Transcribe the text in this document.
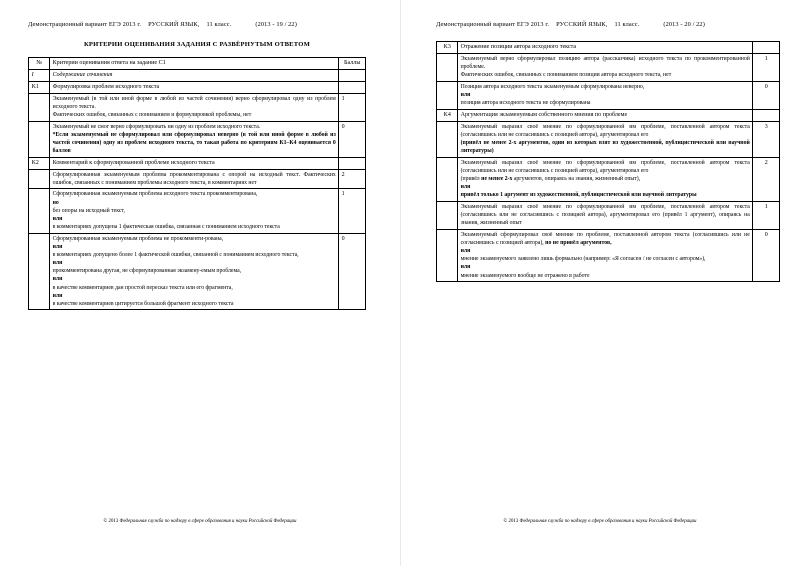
Демонстрационный вариант ЕГЭ 2013 г. РУССКИЙ ЯЗЫК, 11 класс.	(2013 - 19 / 22)
КРИТЕРИИ ОЦЕНИВАНИЯ ЗАДАНИЯ С РАЗВЁРНУТЫМ ОТВЕТОМ
№	Критерии оценивания ответа на задание С1	Баллы
I	Содержание сочинения	
K1	Формулировка проблем исходного текста	

	Экзаменуемый (в той или иной форме в любой из частей сочинения) верно сформулировал одну из проблем исходного текста.
Фактических ошибок, связанных с пониманием и формулировкой проблемы, нет	1

	Экзаменуемый не смог верно сформулировать ни одну из проблем исходного текста.
*Если экзаменуемый не сформулировал или сформулировал неверно (в той или иной форме в любой из частей сочинения) одну из проблем исходного текста, то такая работа по критериям К1–К4 оценивается 0 баллов	0
K2	Комментарий к сформулированной проблеме исходного текста	

	Сформулированная экзаменуемым проблема прокомментирована с опорой на исходный текст. Фактических ошибок, связанных с пониманием проблемы исходного текста, в комментариях нет	2

	Сформулированная экзаменуемым проблема исходного текста прокомментирована,
но
без опоры на исходный текст,
или
в комментариях допущена 1 фактическая ошибка, связанная с пониманием исходного текста	1

Сформулированная экзаменуемым проблема не прокомменти-рована,
или
в комментариях допущено более 1 фактической ошибки, связанной с пониманием исходного текста,
или
прокомментирована другая, не сформулированная экзамену-емым проблема,
или
в качестве комментариев дан простой пересказ текста или его фрагмента,
или
в качестве комментариев цитируется большой фрагмент исходного текста
	0
© 2013 Федеральная служба по надзору в сфере образования и науки Российской Федерации
Демонстрационный вариант ЕГЭ 2013 г. РУССКИЙ ЯЗЫК, 11 класс.	(2013 - 20 / 22)
K3	Отражение позиции автора исходного текста	

	Экзаменуемый верно сформулировал позицию автора (рассказчика) исходного текста по прокомментированной проблеме.
Фактических ошибок, связанных с пониманием позиции автора исходного текста, нет	1

	Позиция автора исходного текста экзаменуемым сформулирована неверно,
или
позиция автора исходного текста не сформулирована	0
K4	Аргументация экзаменуемым собственного мнения по проблеме	

	Экзаменуемый выразил своё мнение по сформулированной им проблеме, поставленной автором текста (согласившись или не согласившись с позицией автора), аргументировал его
(привёл не менее 2-х аргументов, один из которых взят из художественной, публицистической или научной литературы)	3

	Экзаменуемый выразил своё мнение по сформулированной им проблеме, поставленной автором текста (согласившись или не согласившись с позицией автора), аргументировал его
(привёл не менее 2-х аргументов, опираясь на знания, жизненный опыт),
или
привёл только 1 аргумент из художественной, публицистической или научной литературы	2

	Экзаменуемый выразил своё мнение по сформулированной им проблеме, поставленной автором текста (согласившись или не согласившись с позицией автора), аргументировал его (привёл 1 аргумент), опираясь на знания, жизненный опыт	1

	Экзаменуемый сформулировал своё мнение по проблеме, поставленной автором текста (согласившись или не согласившись с позицией автора), но не привёл аргументов,
или
мнение экзаменуемого заявлено лишь формально (например: «Я согласен / не согласен с автором»),
или
мнение экзаменуемого вообще не отражено в работе	0
© 2013 Федеральная служба по надзору в сфере образования и науки Российской Федерации
